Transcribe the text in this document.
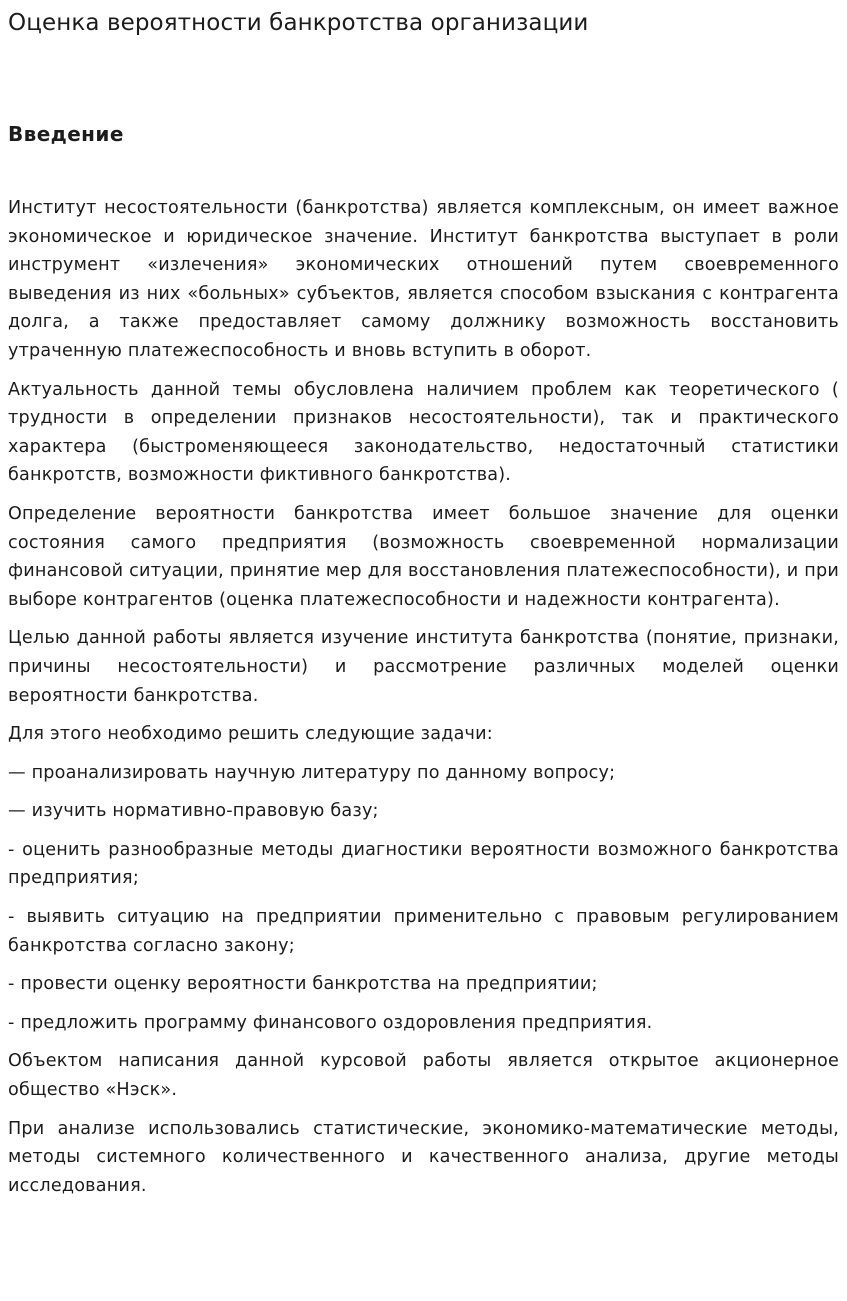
Оценка вероятности банкротства организации
Введение

Институт несостоятельности (банкротства) является комплексным, он имеет важное экономическое и юридическое значение. Институт банкротства выступает в роли инструмент «излечения» экономических отношений путем своевременного выведения из них «больных» субъектов, является способом взыскания с контрагента долга, а также предоставляет самому должнику возможность восстановить утраченную платежеспособность и вновь вступить в оборот.

Актуальность данной темы обусловлена наличием проблем как теоретического ( трудности в определении признаков несостоятельности), так и практического характера (быстроменяющееся законодательство, недостаточный статистики банкротств, возможности фиктивного банкротства).

Определение вероятности банкротства имеет большое значение для оценки состояния самого предприятия (возможность своевременной нормализации финансовой ситуации, принятие мер для восстановления платежеспособности), и при выборе контрагентов (оценка платежеспособности и надежности контрагента).

Целью данной работы является изучение института банкротства (понятие, признаки, причины несостоятельности) и рассмотрение различных моделей оценки вероятности банкротства.

Для этого необходимо решить следующие задачи:

— проанализировать научную литературу по данному вопросу;

— изучить нормативно-правовую базу;

- оценить разнообразные методы диагностики вероятности возможного банкротства предприятия;

- выявить ситуацию на предприятии применительно с правовым регулированием банкротства согласно закону;

- провести оценку вероятности банкротства на предприятии;

- предложить программу финансового оздоровления предприятия.

Объектом написания данной курсовой работы является открытое акционерное общество «Нэск».

При анализе использовались статистические, экономико-математические методы, методы системного количественного и качественного анализа, другие методы исследования.
